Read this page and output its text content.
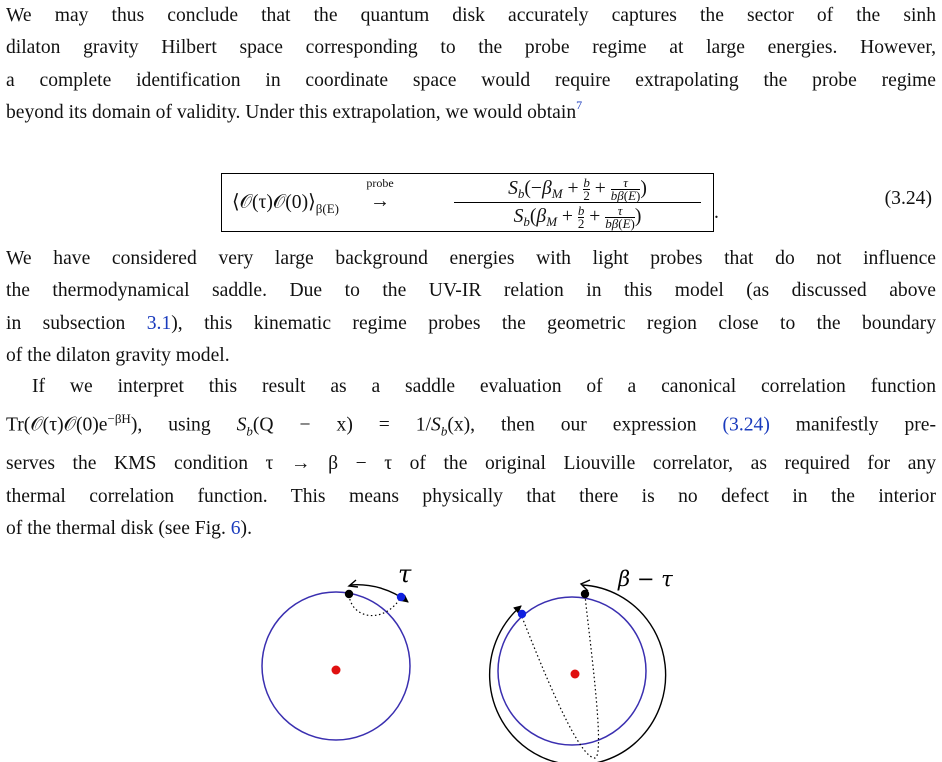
We may thus conclude that the quantum disk accurately captures the sector of the sinh
dilaton gravity Hilbert space corresponding to the probe regime at large energies. However,
a complete identification in coordinate space would require extrapolating the probe regime
beyond its domain of validity. Under this extrapolation, we would obtain$^7$

$⟨𝒪(\tau)𝒪(0)⟩_{\beta(E)}$
probe
→
$S_b(-\beta_M + \frac{b}{2} + \frac{\tau}{b\beta(E)}$ )
$S_b(\beta_M + \frac{b}{2} + \frac{\tau}{b\beta(E)}$ )	.
(3.24)

We have considered very large background energies with light probes that do not influence
the thermodynamical saddle. Due to the UV-IR relation in this model (as discussed above
in subsection 3.1), this kinematic regime probes the geometric region close to the boundary
of the dilaton gravity model.

If we interpret this result as a saddle evaluation of a canonical correlation function
$Tr(𝒪(\tau)𝒪(0)e^{-\beta H})$, using $S_b(Q - x) = 1/S_b(x)$, then our expression (3.24) manifestly pre-
serves the KMS condition τ → β − τ of the original Liouville correlator, as required for any
thermal correlation function. This means physically that there is no defect in the interior
of the thermal disk (see Fig. 6).

τ	β − τ
